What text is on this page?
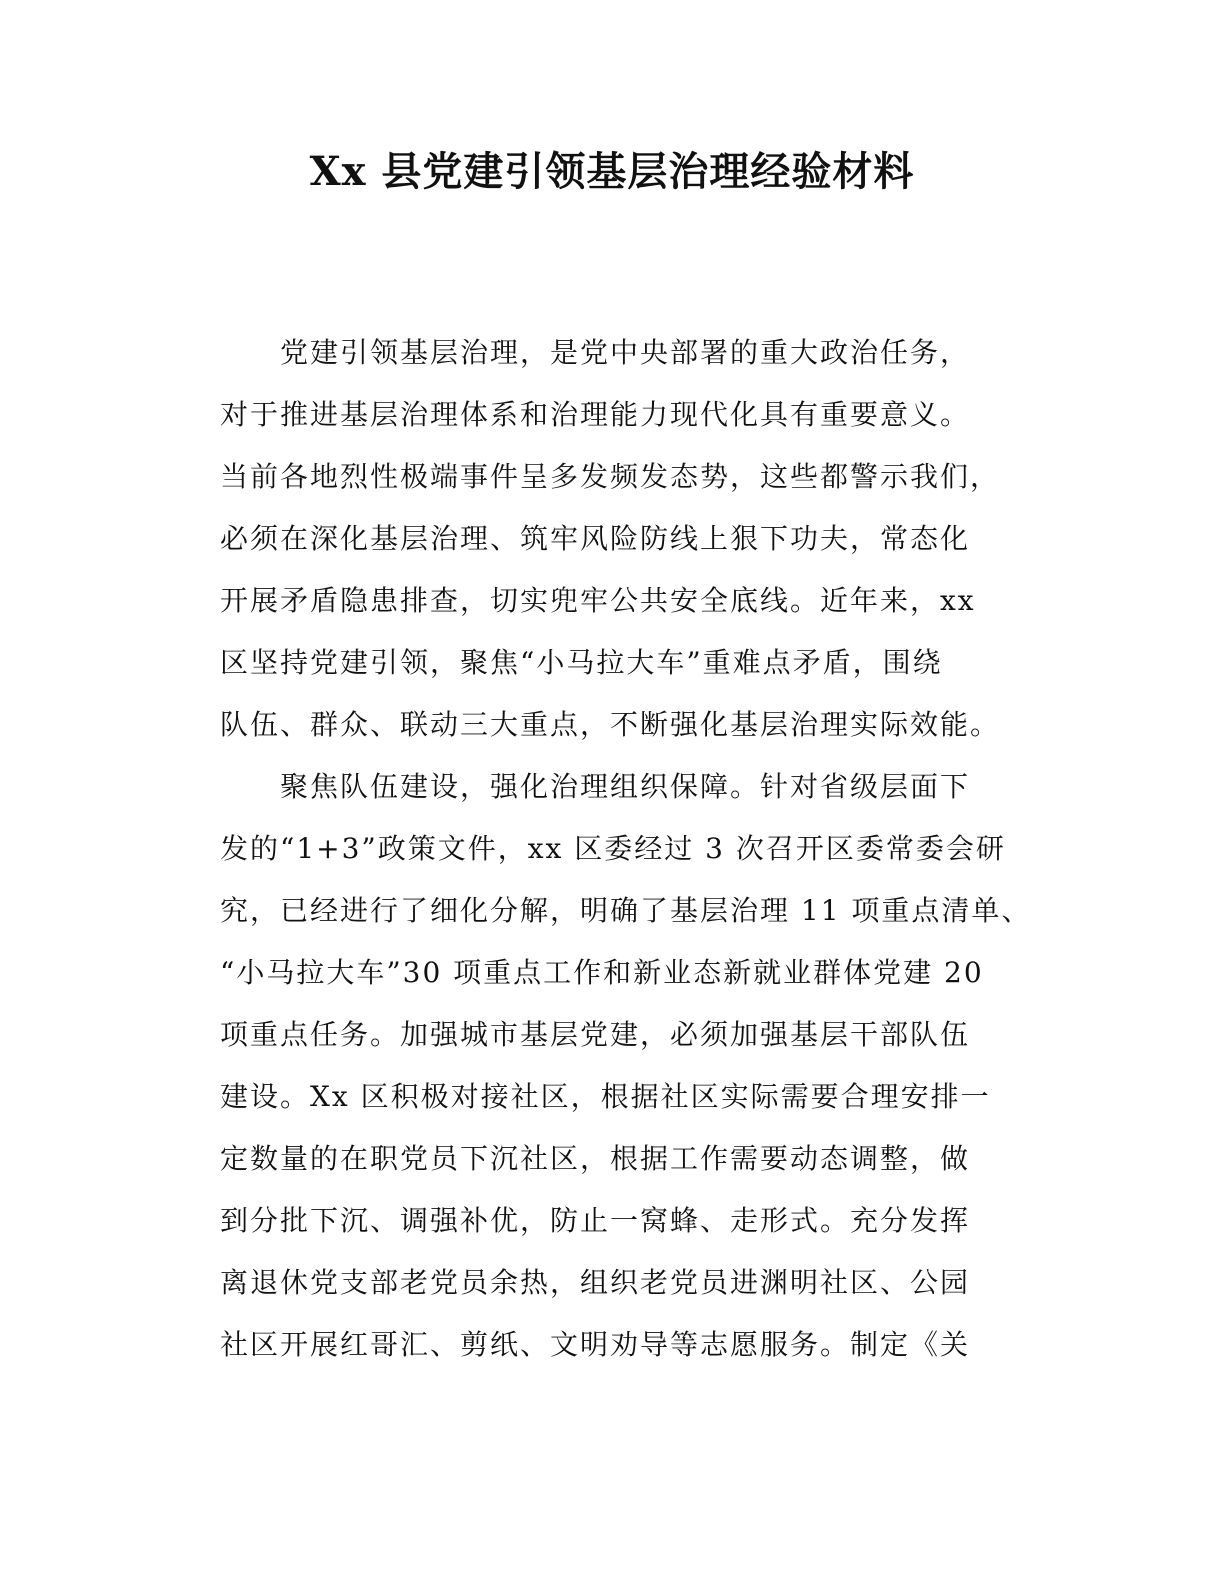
Xx 县党建引领基层治理经验材料

　　党建引领基层治理，是党中央部署的重大政治任务，
对于推进基层治理体系和治理能力现代化具有重要意义。
当前各地烈性极端事件呈多发频发态势，这些都警示我们，
必须在深化基层治理、筑牢风险防线上狠下功夫，常态化
开展矛盾隐患排查，切实兜牢公共安全底线。近年来，xx
区坚持党建引领，聚焦“小马拉大车”重难点矛盾，围绕
队伍、群众、联动三大重点，不断强化基层治理实际效能。

　　聚焦队伍建设，强化治理组织保障。针对省级层面下
发的“1+3”政策文件，xx 区委经过 3 次召开区委常委会研
究，已经进行了细化分解，明确了基层治理 11 项重点清单、
“小马拉大车”30 项重点工作和新业态新就业群体党建 20
项重点任务。加强城市基层党建，必须加强基层干部队伍
建设。Xx 区积极对接社区，根据社区实际需要合理安排一
定数量的在职党员下沉社区，根据工作需要动态调整，做
到分批下沉、调强补优，防止一窝蜂、走形式。充分发挥
离退休党支部老党员余热，组织老党员进渊明社区、公园
社区开展红哥汇、剪纸、文明劝导等志愿服务。制定《关
